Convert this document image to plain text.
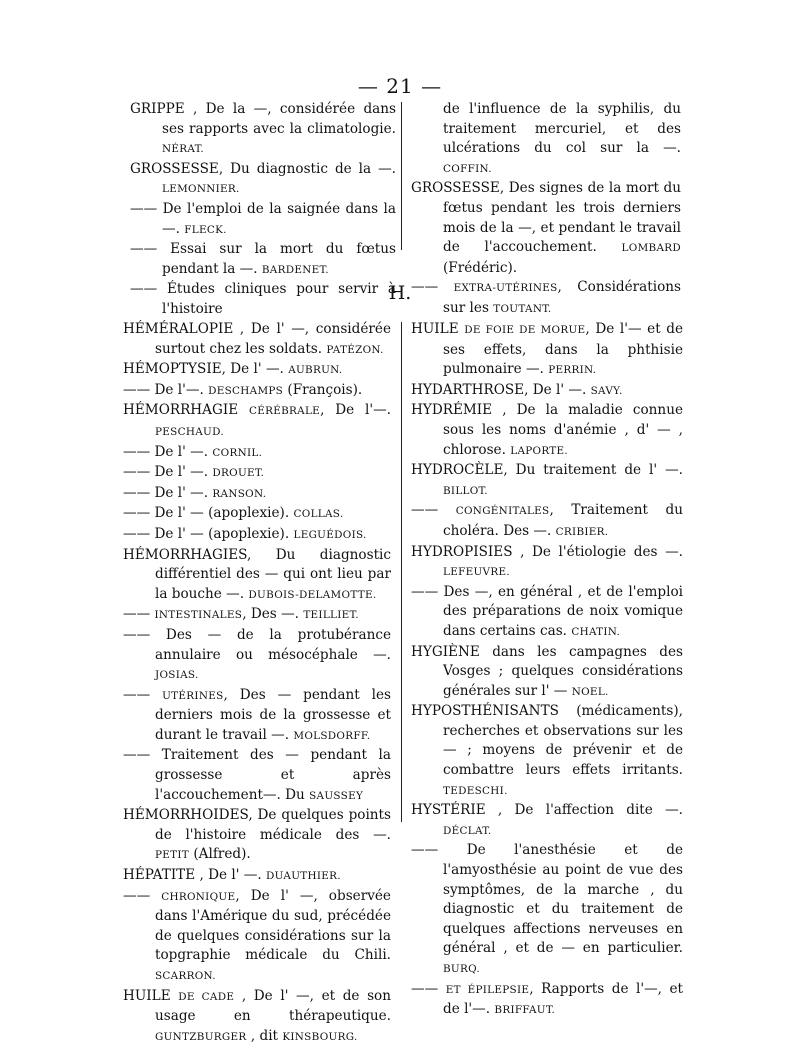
— 21 —

GRIPPE , De la —, considérée dans ses rapports avec la climatologie. NÉRAT.

GROSSESSE, Du diagnostic de la —. LEMONNIER.

—— De l'emploi de la saignée dans la —. FLECK.

—— Essai sur la mort du fœtus pendant la —. BARDENET.

—— Études cliniques pour servir à l'histoire

de l'influence de la syphilis, du traitement mercuriel, et des ulcérations du col sur la —. COFFIN.

GROSSESSE, Des signes de la mort du fœtus pendant les trois derniers mois de la —, et pendant le travail de l'accouchement. LOMBARD (Frédéric).

—— EXTRA-UTÉRINES, Considérations sur les TOUTANT.

H.

HÉMÉRALOPIE , De l' —, considérée surtout chez les soldats. PATÉZON.

HÉMOPTYSIE, De l' —. AUBRUN.

—— De l'—. DESCHAMPS (François).

HÉMORRHAGIE CÉRÉBRALE, De l'—. PESCHAUD.

—— De l' —. CORNIL.

—— De l' —. DROUET.

—— De l' —. RANSON.

—— De l' — (apoplexie). COLLAS.

—— De l' — (apoplexie). LEGUÉDOIS.

HÉMORRHAGIES, Du diagnostic différentiel des — qui ont lieu par la bouche —. DUBOIS-DELAMOTTE.

—— INTESTINALES, Des —. TEILLIET.

—— Des — de la protubérance annulaire ou mésocéphale —. JOSIAS.

—— UTÉRINES, Des — pendant les derniers mois de la grossesse et durant le travail —. MOLSDORFF.

—— Traitement des — pendant la grossesse et après l'accouchement—. Du SAUSSEY

HÉMORRHOIDES, De quelques points de l'histoire médicale des —. PETIT (Alfred).

HÉPATITE , De l' —. DUAUTHIER.

—— CHRONIQUE, De l' —, observée dans l'Amérique du sud, précédée de quelques considérations sur la topgraphie médicale du Chili. SCARRON.

HUILE DE CADE , De l' —, et de son usage en thérapeutique. GUNTZBURGER , dit KINSBOURG.

HUILE DE FOIE DE MORUE, De l'— et de ses effets, dans la phthisie pulmonaire —. PERRIN.

HYDARTHROSE, De l' —. SAVY.

HYDRÉMIE , De la maladie connue sous les noms d'anémie , d' — , chlorose. LAPORTE.

HYDROCÈLE, Du traitement de l' —. BILLOT.

—— CONGÉNITALES, Traitement du choléra. Des —. CRIBIER.

HYDROPISIES , De l'étiologie des —. LEFEUVRE.

—— Des —, en général , et de l'emploi des préparations de noix vomique dans certains cas. CHATIN.

HYGIÈNE dans les campagnes des Vosges ; quelques considérations générales sur l' — NOEL.

HYPOSTHÉNISANTS (médicaments), recherches et observations sur les — ; moyens de prévenir et de combattre leurs effets irritants. TEDESCHI.

HYSTÉRIE , De l'affection dite —. DÉCLAT.

—— De l'anesthésie et de l'amyosthésie au point de vue des symptômes, de la marche , du diagnostic et du traitement de quelques affections nerveuses en général , et de — en particulier. BURQ.

—— ET ÉPILEPSIE, Rapports de l'—, et de l'—. BRIFFAUT.
